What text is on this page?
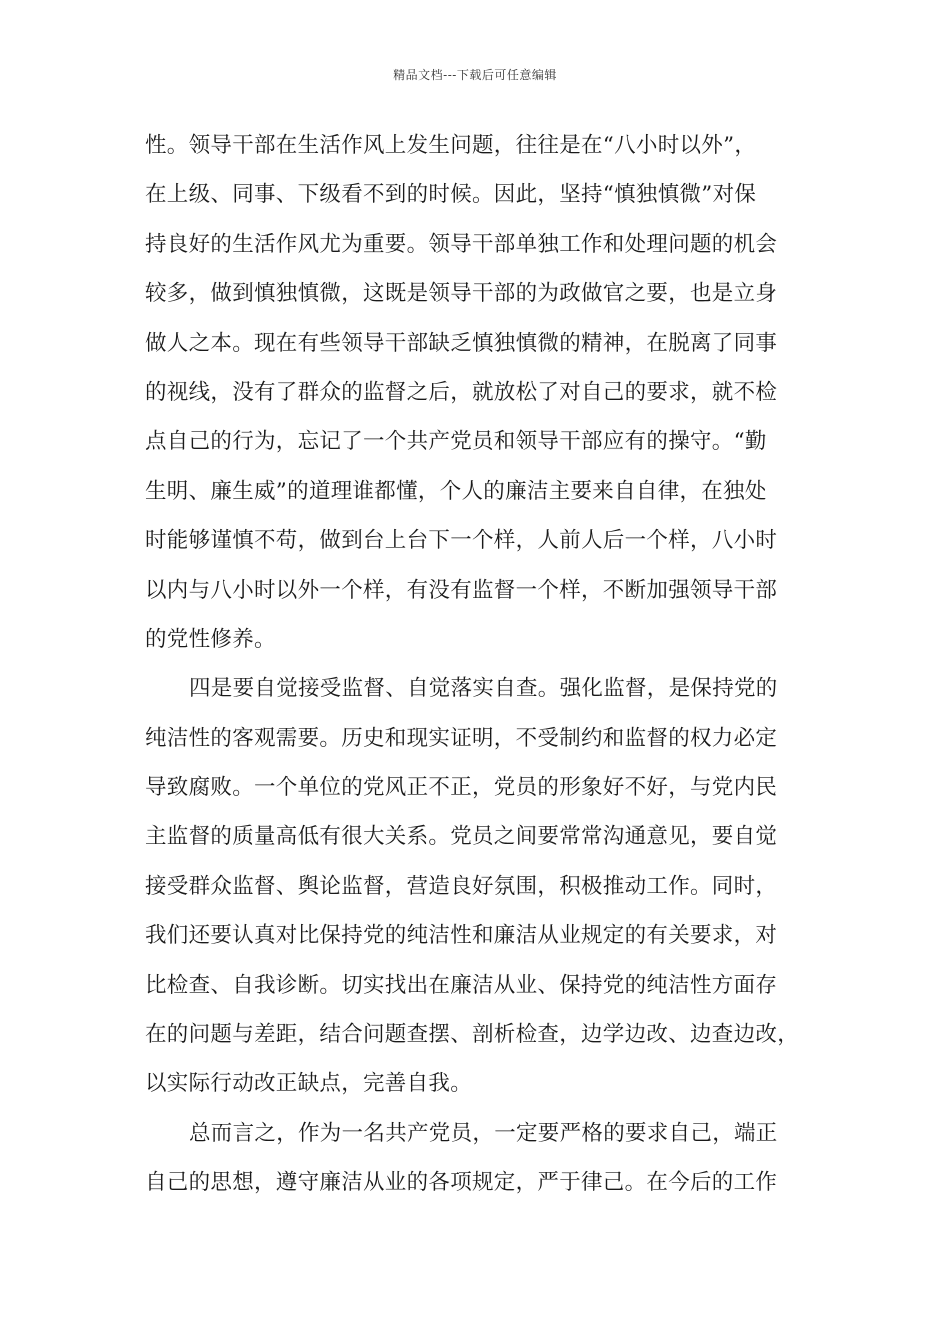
精品文档---下载后可任意编辑
性。领导干部在生活作风上发生问题，往往是在“八小时以外”，
在上级、同事、下级看不到的时候。因此，坚持“慎独慎微”对保
持良好的生活作风尤为重要。领导干部单独工作和处理问题的机会
较多，做到慎独慎微，这既是领导干部的为政做官之要，也是立身
做人之本。现在有些领导干部缺乏慎独慎微的精神，在脱离了同事
的视线，没有了群众的监督之后，就放松了对自己的要求，就不检
点自己的行为，忘记了一个共产党员和领导干部应有的操守。“勤
生明、廉生威”的道理谁都懂，个人的廉洁主要来自自律，在独处
时能够谨慎不苟，做到台上台下一个样，人前人后一个样，八小时
以内与八小时以外一个样，有没有监督一个样，不断加强领导干部
的党性修养。
四是要自觉接受监督、自觉落实自查。强化监督，是保持党的
纯洁性的客观需要。历史和现实证明，不受制约和监督的权力必定
导致腐败。一个单位的党风正不正，党员的形象好不好，与党内民
主监督的质量高低有很大关系。党员之间要常常沟通意见，要自觉
接受群众监督、舆论监督，营造良好氛围，积极推动工作。同时，
我们还要认真对比保持党的纯洁性和廉洁从业规定的有关要求，对
比检查、自我诊断。切实找出在廉洁从业、保持党的纯洁性方面存
在的问题与差距，结合问题查摆、剖析检查，边学边改、边查边改，
以实际行动改正缺点，完善自我。
总而言之，作为一名共产党员，一定要严格的要求自己，端正
自己的思想，遵守廉洁从业的各项规定，严于律己。在今后的工作
